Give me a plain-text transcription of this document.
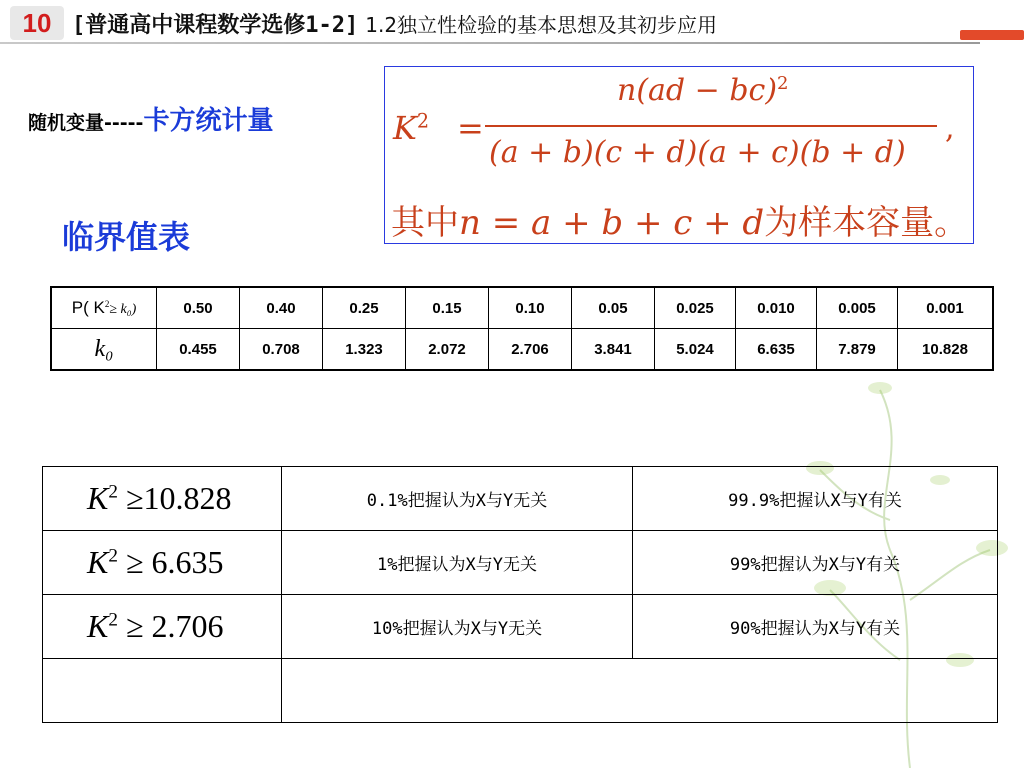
10 [普通高中课程数学选修1-2] 1.2独立性检验的基本思想及其初步应用
随机变量-----卡方统计量	$K^2$ =
n(ad − bc)$^2$
(a + b)(c + d)(a + c)(b + d)
,
其中n = a + b + c + d为样本容量。
临界值表
P( $K^2\ge k_0$)	0.50	0.40	0.25	0.15	0.10	0.05	0.025	0.010	0.005	0.001
k₀	0.455	0.708	1.323	2.072	2.706	3.841	5.024	6.635	7.879	10.828
$K^2 \ge 10.828$	0.1%把握认为X与Y无关	99.9%把握认X与Y有关

$K^2 \ge 6.635$	1%把握认为X与Y无关	99%把握认为X与Y有关

$K^2 \ge 2.706$	10%把握认为X与Y无关	90%把握认为X与Y有关
